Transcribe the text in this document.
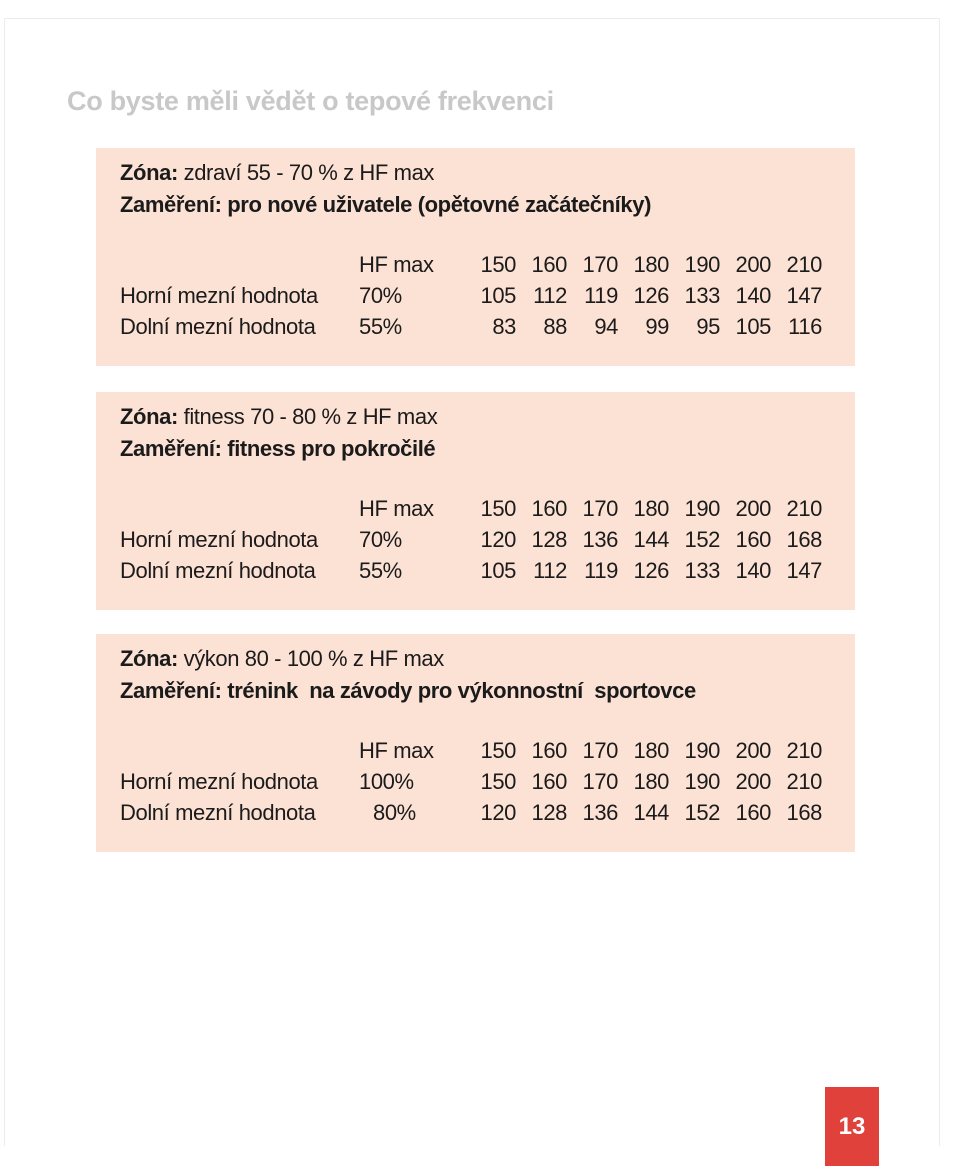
Co byste měli vědět o tepové frekvenci
Zóna: zdraví 55 - 70 % z HF max
Zaměření: pro nové uživatele (opětovné začátečníky)
HF max	150 160 170 180 190 200 210
Horní mezní hodnota 70%	105 112 119 126 133 140 147
Dolní mezní hodnota 55%	83	88	94	99	95 105 116
Zóna: fitness 70 - 80 % z HF max
Zaměření: fitness pro pokročilé
HF max	150 160 170 180 190 200 210
Horní mezní hodnota 70%	120 128 136 144 152 160 168
Dolní mezní hodnota 55%	105 112 119 126 133 140 147
Zóna: výkon 80 - 100 % z HF max
Zaměření: trénink  na závody pro výkonnostní  sportovce
HF max	150 160 170 180 190 200 210
Horní mezní hodnota 100%	150 160 170 180 190 200 210
Dolní mezní hodnota	80%	120 128 136 144 152 160 168
13
